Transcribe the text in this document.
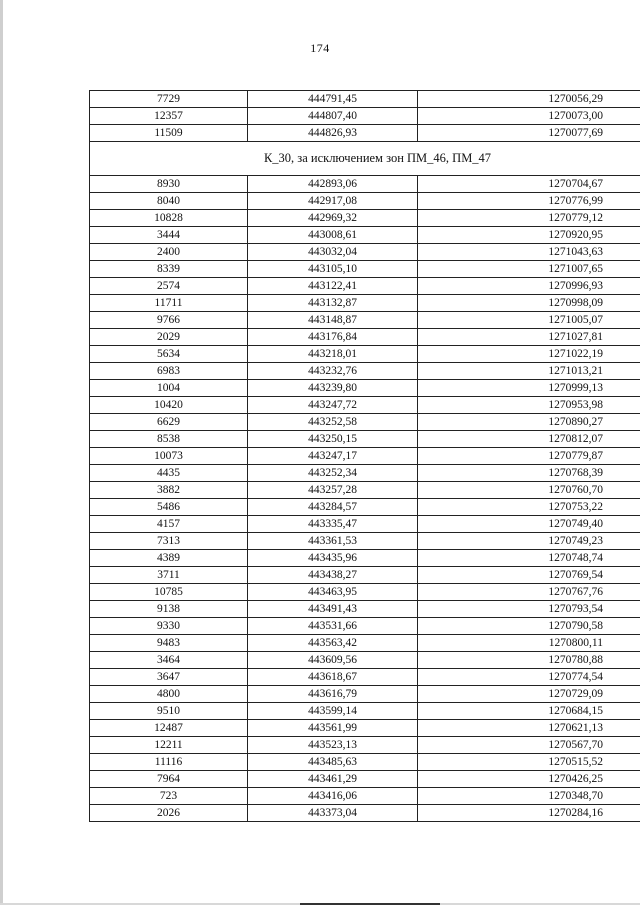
174
7729	444791,45	1270056,29
12357	444807,40	1270073,00
11509	444826,93	1270077,69
К_30, за исключением зон ПМ_46, ПМ_47		
8930	442893,06	1270704,67
8040	442917,08	1270776,99
10828	442969,32	1270779,12
3444	443008,61	1270920,95
2400	443032,04	1271043,63
8339	443105,10	1271007,65
2574	443122,41	1270996,93
11711	443132,87	1270998,09
9766	443148,87	1271005,07
2029	443176,84	1271027,81
5634	443218,01	1271022,19
6983	443232,76	1271013,21
1004	443239,80	1270999,13
10420	443247,72	1270953,98
6629	443252,58	1270890,27
8538	443250,15	1270812,07
10073	443247,17	1270779,87
4435	443252,34	1270768,39
3882	443257,28	1270760,70
5486	443284,57	1270753,22
4157	443335,47	1270749,40
7313	443361,53	1270749,23
4389	443435,96	1270748,74
3711	443438,27	1270769,54
10785	443463,95	1270767,76
9138	443491,43	1270793,54
9330	443531,66	1270790,58
9483	443563,42	1270800,11
3464	443609,56	1270780,88
3647	443618,67	1270774,54
4800	443616,79	1270729,09
9510	443599,14	1270684,15
12487	443561,99	1270621,13
12211	443523,13	1270567,70
11116	443485,63	1270515,52
7964	443461,29	1270426,25
723	443416,06	1270348,70
2026	443373,04	1270284,16
